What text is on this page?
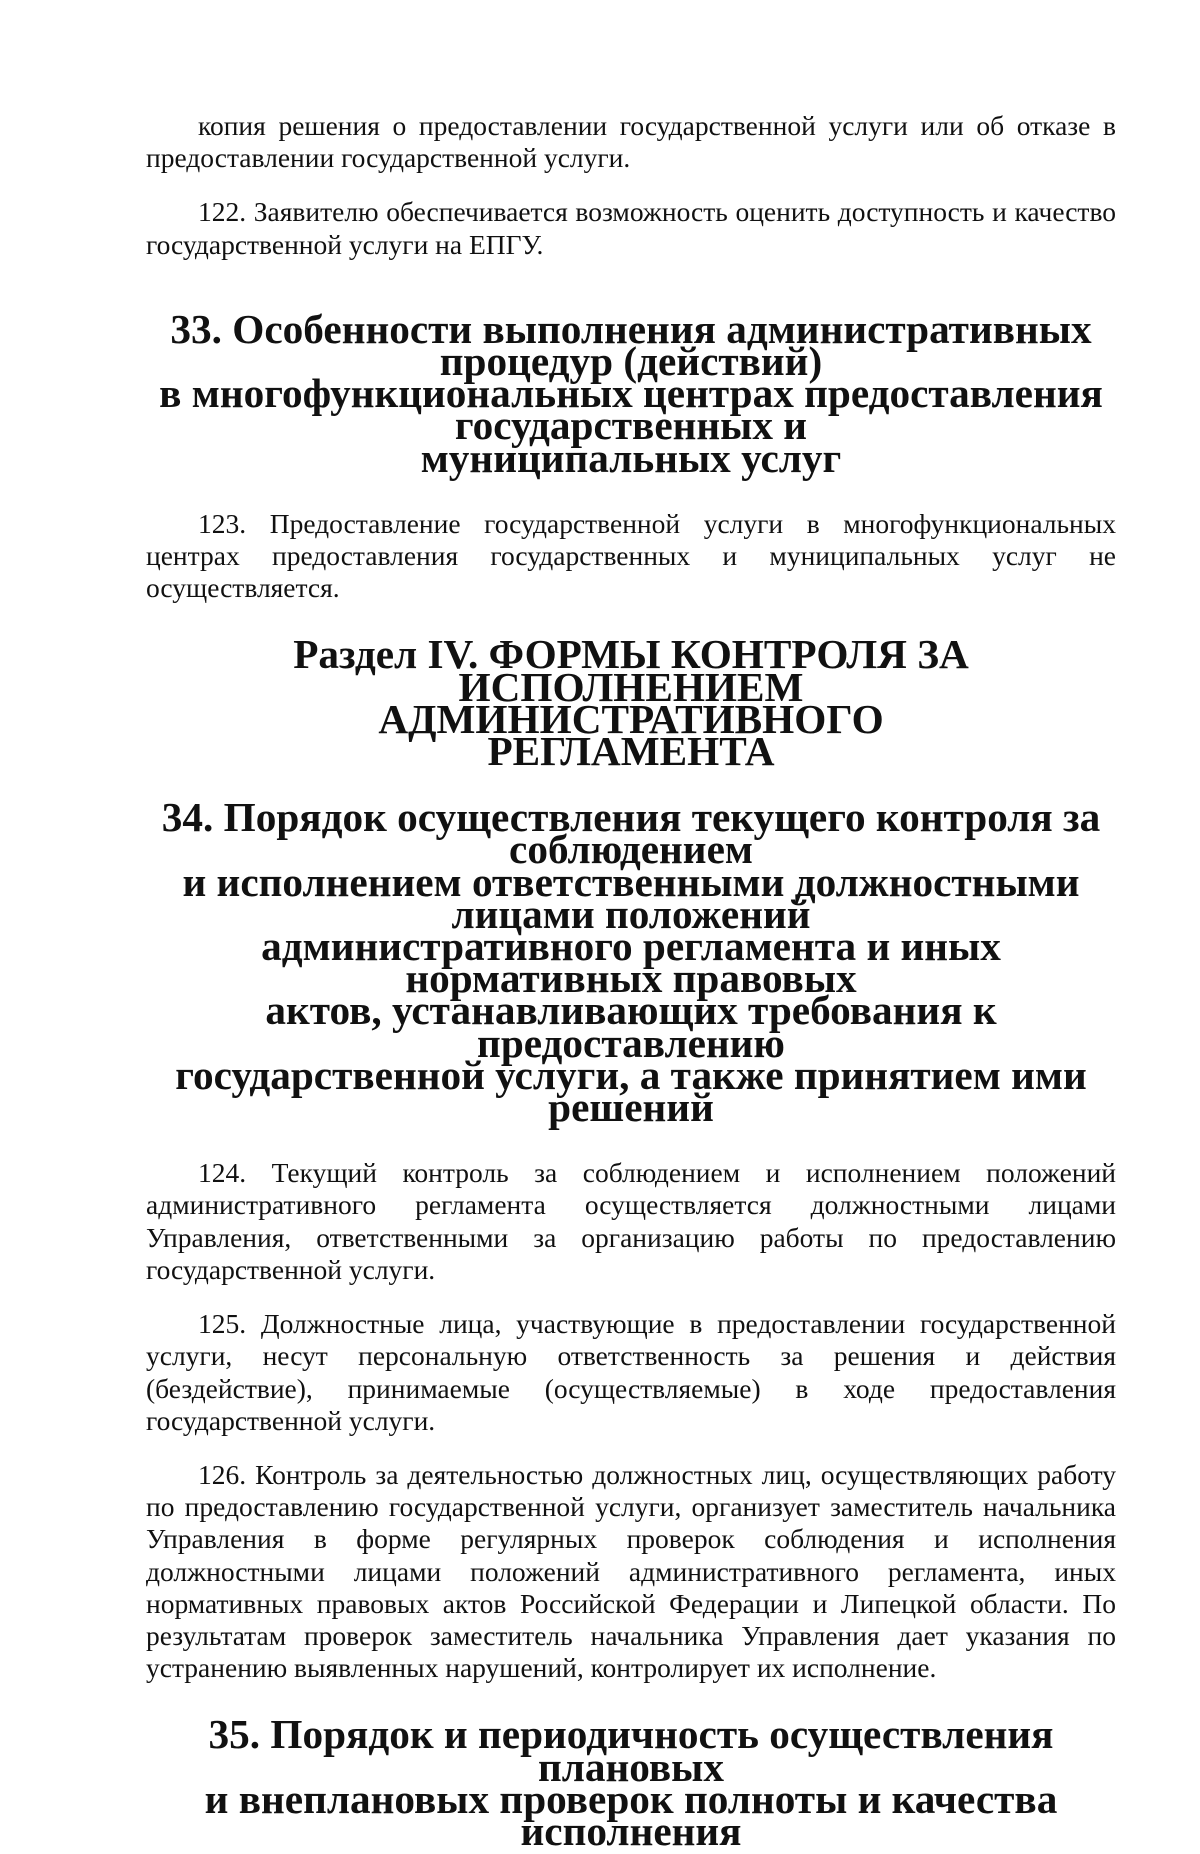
копия решения о предоставлении государственной услуги или об отказе в предоставлении государственной услуги.

122. Заявителю обеспечивается возможность оценить доступность и качество государственной услуги на ЕПГУ.

33. Особенности выполнения административных процедур (действий)
в многофункциональных центрах предоставления государственных и
муниципальных услуг

123. Предоставление государственной услуги в многофункциональных центрах предоставления государственных и муниципальных услуг не осуществляется.

Раздел IV. ФОРМЫ КОНТРОЛЯ ЗА ИСПОЛНЕНИЕМ
АДМИНИСТРАТИВНОГО
РЕГЛАМЕНТА
34. Порядок осуществления текущего контроля за соблюдением
и исполнением ответственными должностными лицами положений
административного регламента и иных нормативных правовых
актов, устанавливающих требования к предоставлению
государственной услуги, а также принятием ими решений

124. Текущий контроль за соблюдением и исполнением положений административного регламента осуществляется должностными лицами Управления, ответственными за организацию работы по предоставлению государственной услуги.

125. Должностные лица, участвующие в предоставлении государственной услуги, несут персональную ответственность за решения и действия (бездействие), принимаемые (осуществляемые) в ходе предоставления государственной услуги.

126. Контроль за деятельностью должностных лиц, осуществляющих работу по предоставлению государственной услуги, организует заместитель начальника Управления в форме регулярных проверок соблюдения и исполнения должностными лицами положений административного регламента, иных нормативных правовых актов Российской Федерации и Липецкой области. По результатам проверок заместитель начальника Управления дает указания по устранению выявленных нарушений, контролирует их исполнение.

35. Порядок и периодичность осуществления плановых
и внеплановых проверок полноты и качества исполнения
